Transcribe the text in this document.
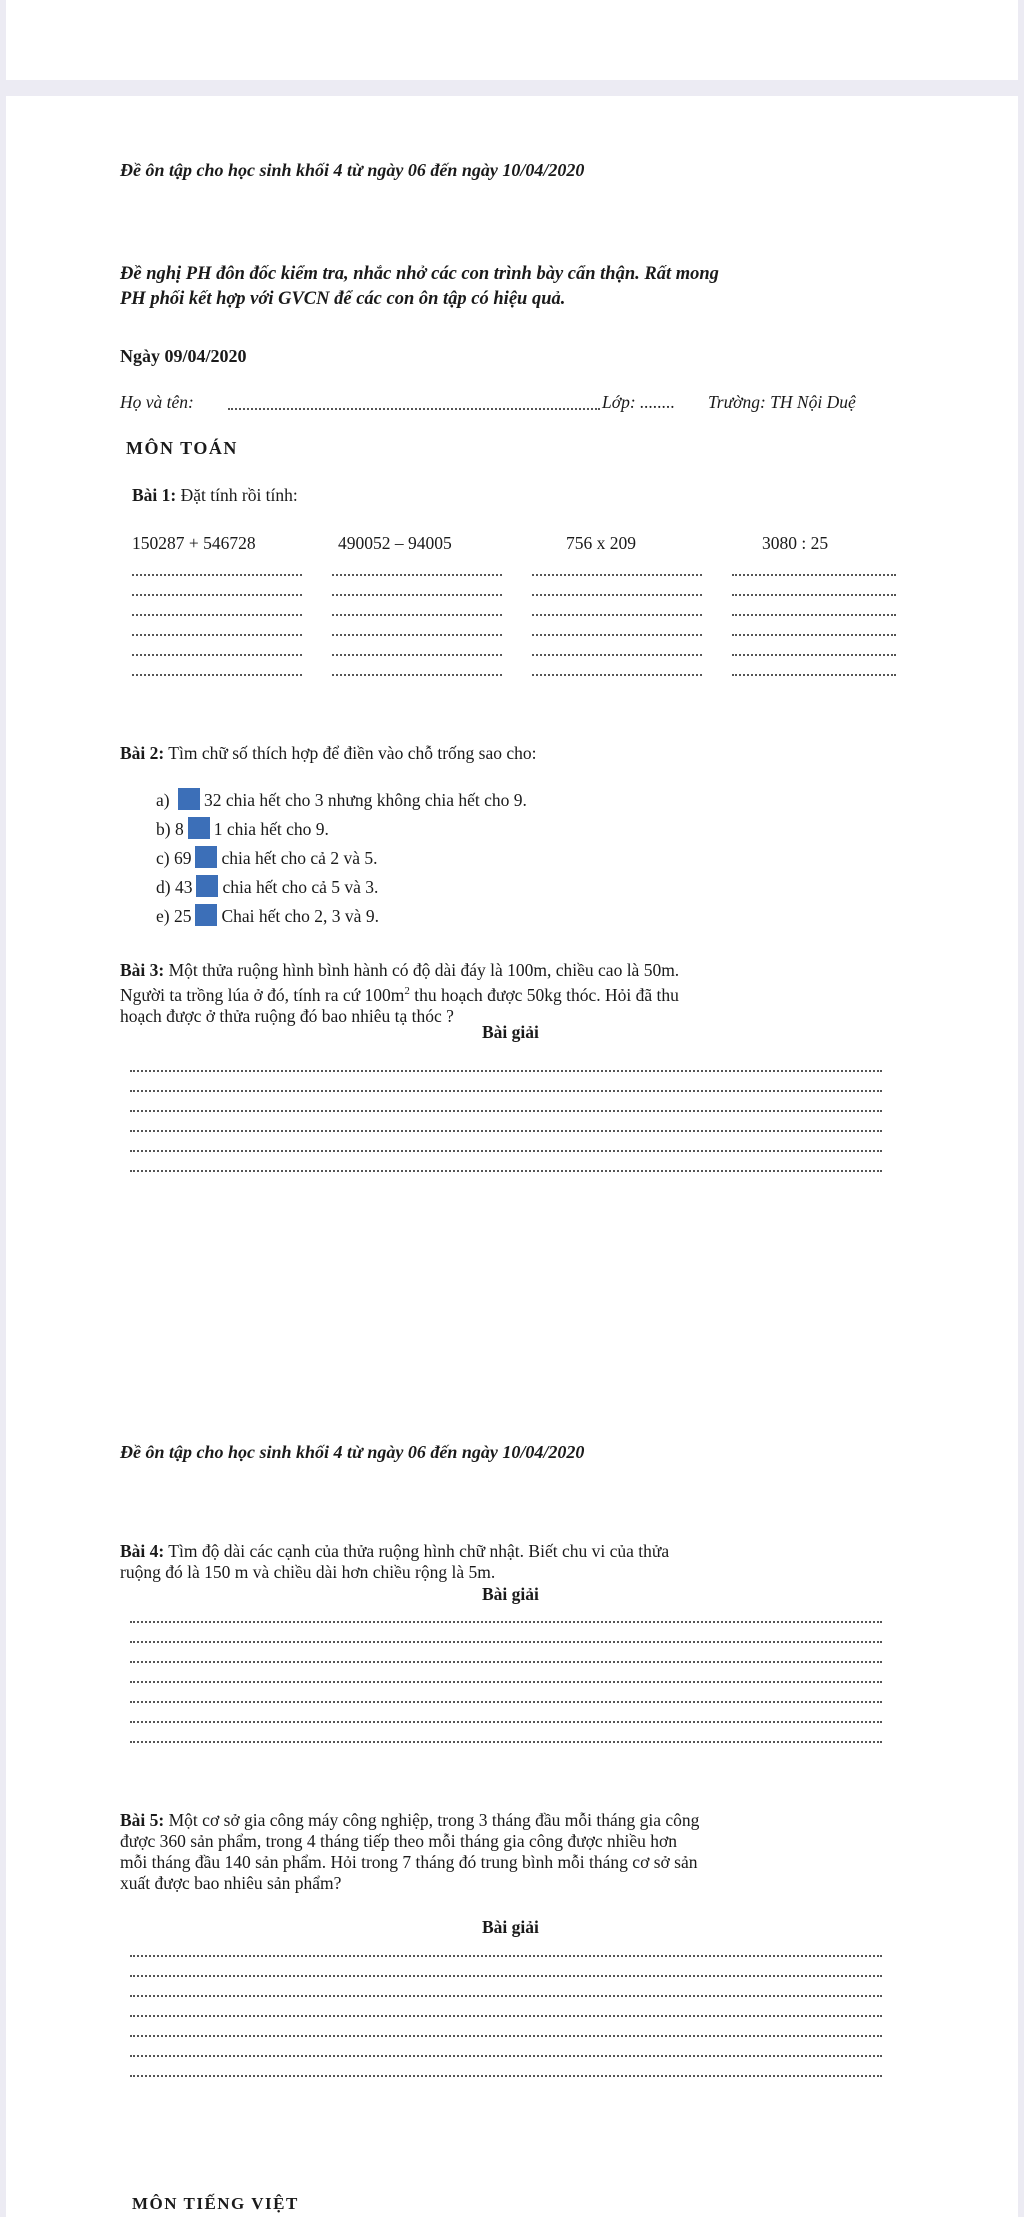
Đề ôn tập cho học sinh khối 4 từ ngày 06 đến ngày 10/04/2020
Đề nghị PH đôn đốc kiểm tra, nhắc nhở các con trình bày cẩn thận. Rất mong
PH phối kết hợp với GVCN để các con ôn tập có hiệu quả.
Ngày 09/04/2020
Họ và tên:	Lớp: ........ Trường: TH Nội Duệ
MÔN TOÁN
Bài 1: Đặt tính rồi tính:
150287 + 546728	490052 – 94005	756 x 209	3080 : 25
Bài 2: Tìm chữ số thích hợp để điền vào chỗ trống sao cho:
a) 32 chia hết cho 3 nhưng không chia hết cho 9.
b) 8 1 chia hết cho 9.
c) 69 chia hết cho cả 2 và 5.
d) 43 chia hết cho cả 5 và 3.
e) 25 Chai hết cho 2, 3 và 9.
Bài 3: Một thửa ruộng hình bình hành có độ dài đáy là 100m, chiều cao là 50m.
Người ta trồng lúa ở đó, tính ra cứ $100m^2$ thu hoạch được 50kg thóc. Hỏi đã thu
hoạch được ở thửa ruộng đó bao nhiêu tạ thóc ?
Bài giải
Đề ôn tập cho học sinh khối 4 từ ngày 06 đến ngày 10/04/2020
Bài 4: Tìm độ dài các cạnh của thửa ruộng hình chữ nhật. Biết chu vi của thửa
ruộng đó là 150 m và chiều dài hơn chiều rộng là 5m.
Bài giải
Bài 5: Một cơ sở gia công máy công nghiệp, trong 3 tháng đầu mỗi tháng gia công
được 360 sản phẩm, trong 4 tháng tiếp theo mỗi tháng gia công được nhiều hơn
mỗi tháng đầu 140 sản phẩm. Hỏi trong 7 tháng đó trung bình mỗi tháng cơ sở sản
xuất được bao nhiêu sản phẩm?
Bài giải
MÔN TIẾNG VIỆT
